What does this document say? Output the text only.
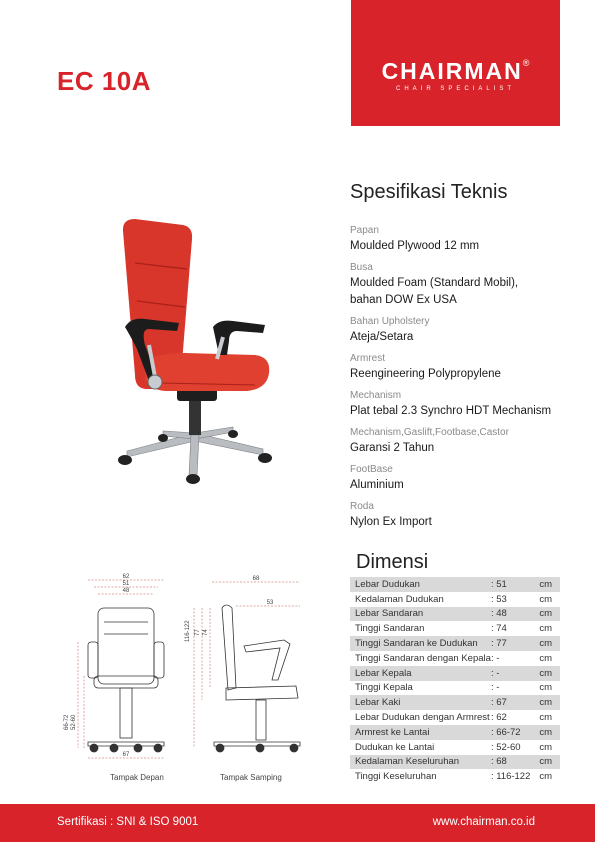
EC 10A	CHAIRMAN®
CHAIR SPECIALIST
Spesifikasi Teknis
Papan
Moulded Plywood 12 mm
Busa
Moulded Foam (Standard Mobil),
bahan DOW Ex USA
Bahan Upholstery
Ateja/Setara
Armrest
Reengineering Polypropylene
Mechanism
Plat tebal 2.3 Synchro HDT Mechanism
Mechanism,Gaslift,Footbase,Castor
Garansi 2 Tahun
FootBase
Aluminium
Roda
Nylon Ex Import
Dimensi
Lebar Dudukan	: 51	cm
Kedalaman Dudukan	: 53	cm
Lebar Sandaran	: 48	cm
Tinggi Sandaran	: 74	cm
Tinggi Sandaran ke Dudukan	: 77	cm
Tinggi Sandaran dengan Kepala	: -	cm
Lebar Kepala	: -	cm
Tinggi Kepala	: -	cm
Lebar Kaki	: 67	cm
Lebar Dudukan dengan Armrest	: 62	cm
Armrest ke Lantai	: 66-72	cm
Dudukan ke Lantai	: 52-60	cm
Kedalaman Keseluruhan	: 68	cm
Tinggi Keseluruhan	: 116-122	cm
62
51
48
67
66-72 52-60
Tampak Depan
68
53
116-122 77 74
Tampak Samping
Sertifikasi : SNI & ISO 9001	www.chairman.co.id
